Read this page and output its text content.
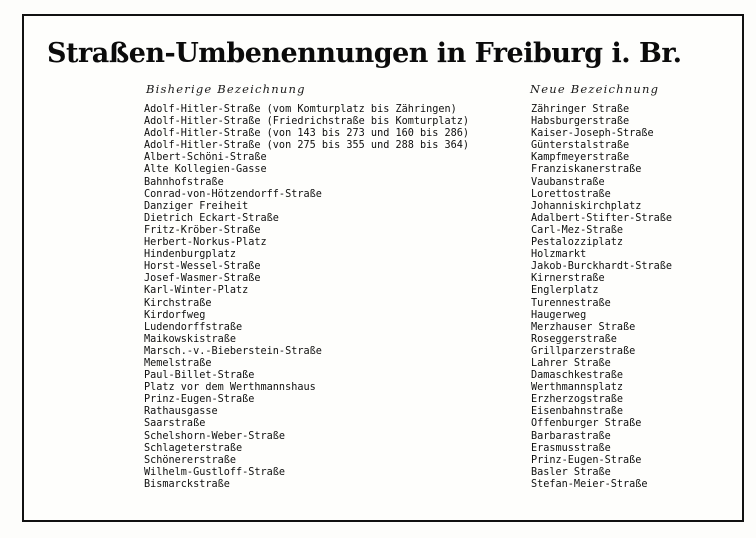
Straßen-Umbenennungen in Freiburg i. Br.
Bisherige Bezeichnung	Neue Bezeichnung
Adolf-Hitler-Straße (vom Komturplatz bis Zähringen)
Adolf-Hitler-Straße (Friedrichstraße bis Komturplatz)
Adolf-Hitler-Straße (von 143 bis 273 und 160 bis 286)
Adolf-Hitler-Straße (von 275 bis 355 und 288 bis 364)
Albert-Schöni-Straße
Alte Kollegien-Gasse
Bahnhofstraße
Conrad-von-Hötzendorff-Straße
Danziger Freiheit
Dietrich Eckart-Straße
Fritz-Kröber-Straße
Herbert-Norkus-Platz
Hindenburgplatz
Horst-Wessel-Straße
Josef-Wasmer-Straße
Karl-Winter-Platz
Kirchstraße
Kirdorfweg
Ludendorffstraße
Maikowskistraße
Marsch.-v.-Bieberstein-Straße
Memelstraße
Paul-Billet-Straße
Platz vor dem Werthmannshaus
Prinz-Eugen-Straße
Rathausgasse
Saarstraße
Schelshorn-Weber-Straße
Schlageterstraße
Schönererstraße
Wilhelm-Gustloff-Straße
Bismarckstraße
Zähringer Straße
Habsburgerstraße
Kaiser-Joseph-Straße
Günterstalstraße
Kampfmeyerstraße
Franziskanerstraße
Vaubanstraße
Lorettostraße
Johanniskirchplatz
Adalbert-Stifter-Straße
Carl-Mez-Straße
Pestalozziplatz
Holzmarkt
Jakob-Burckhardt-Straße
Kirnerstraße
Englerplatz
Turennestraße
Haugerweg
Merzhauser Straße
Roseggerstraße
Grillparzerstraße
Lahrer Straße
Damaschkestraße
Werthmannsplatz
Erzherzogstraße
Eisenbahnstraße
Offenburger Straße
Barbarastraße
Erasmusstraße
Prinz-Eugen-Straße
Basler Straße
Stefan-Meier-Straße
